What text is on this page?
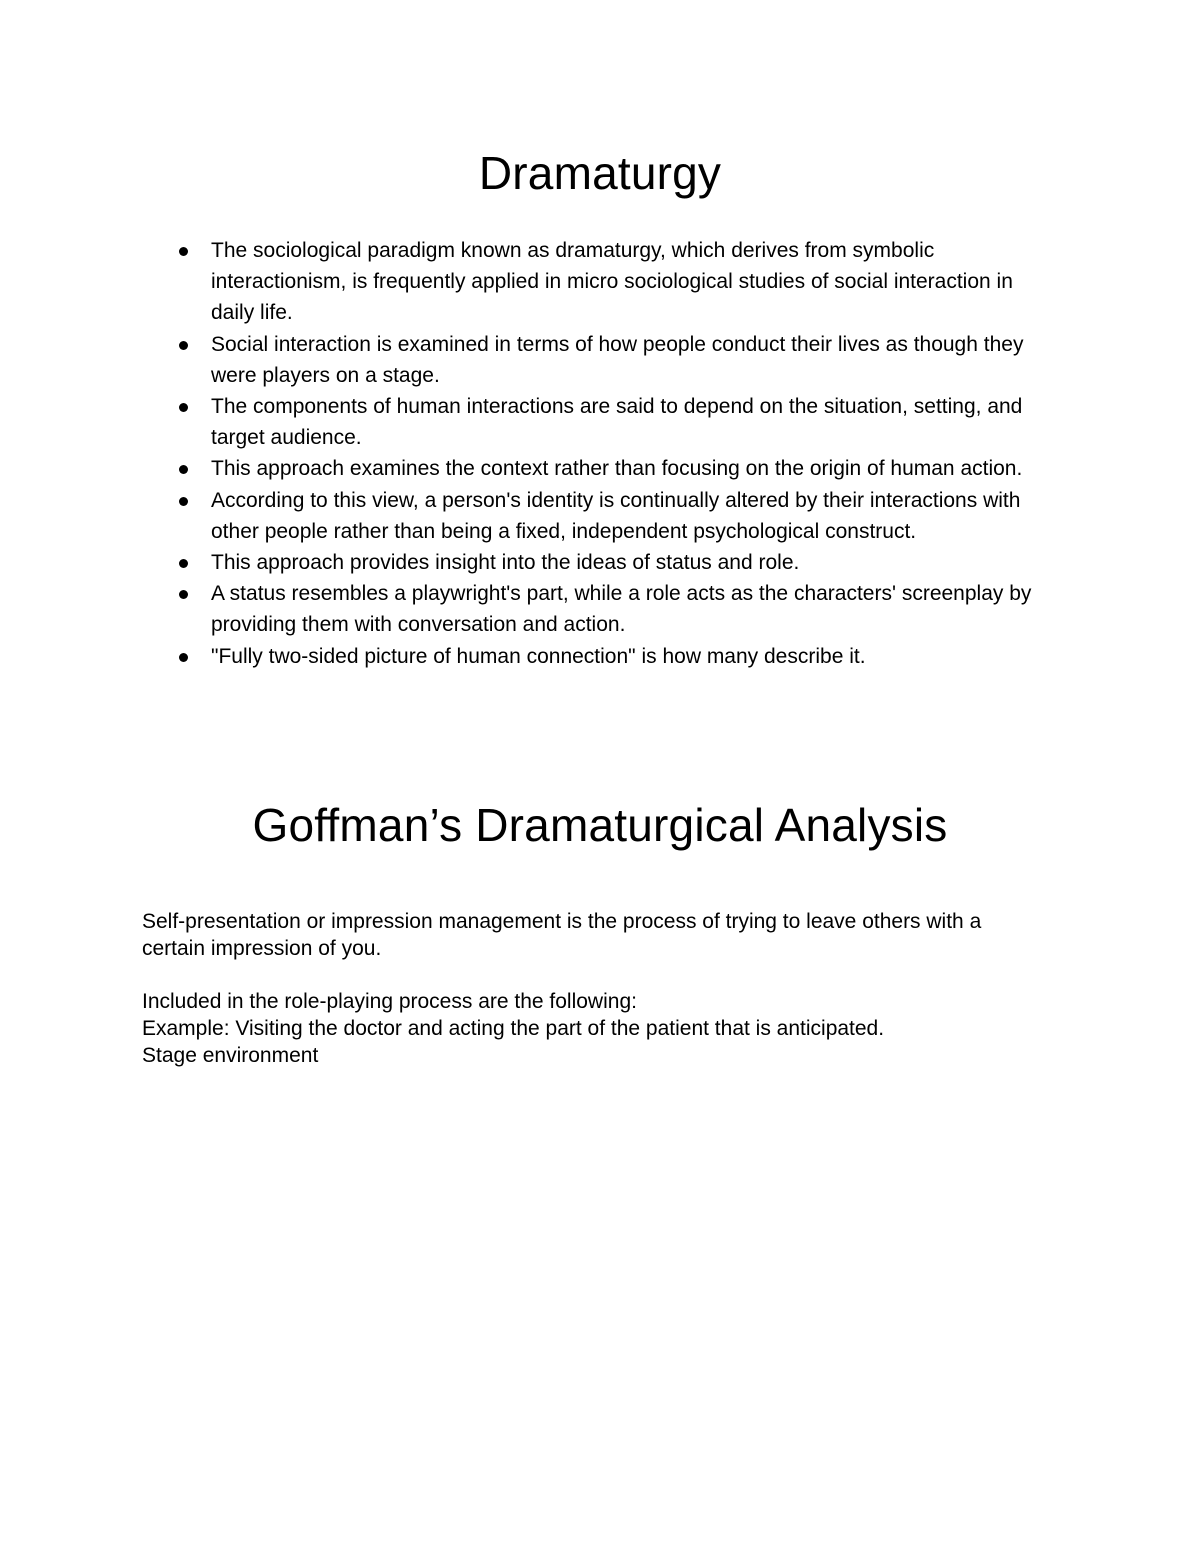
Dramaturgy
The sociological paradigm known as dramaturgy, which derives from symbolic interactionism, is frequently applied in micro sociological studies of social interaction in daily life.
Social interaction is examined in terms of how people conduct their lives as though they were players on a stage.
The components of human interactions are said to depend on the situation, setting, and target audience.
This approach examines the context rather than focusing on the origin of human action.
According to this view, a person's identity is continually altered by their interactions with other people rather than being a fixed, independent psychological construct.
This approach provides insight into the ideas of status and role.
A status resembles a playwright's part, while a role acts as the characters' screenplay by providing them with conversation and action.
"Fully two-sided picture of human connection" is how many describe it.
Goffman’s Dramaturgical Analysis

Self-presentation or impression management is the process of trying to leave others with a certain impression of you.

Included in the role-playing process are the following:
Example: Visiting the doctor and acting the part of the patient that is anticipated.
Stage environment
